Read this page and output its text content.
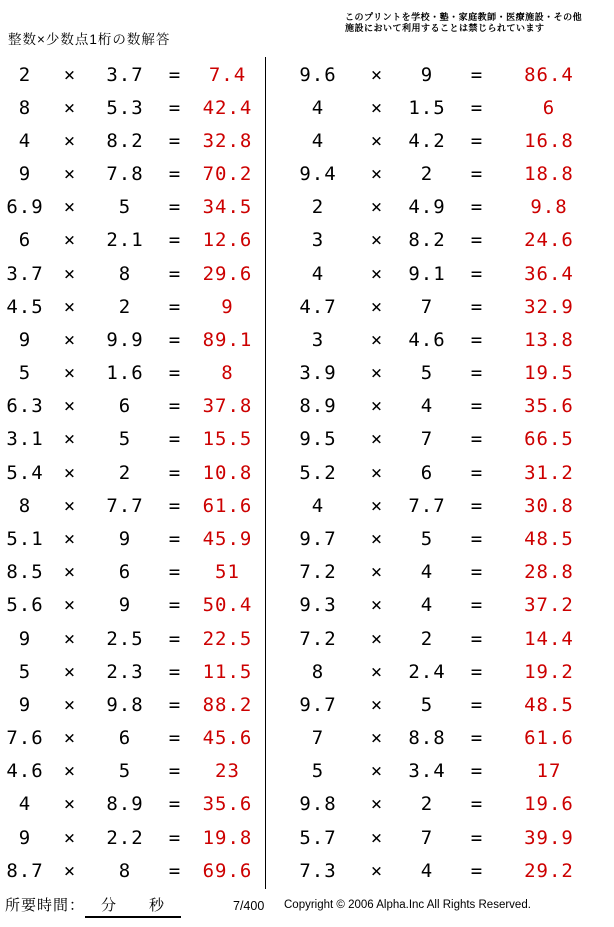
整数×少数点1桁の数解答
このプリントを学校・塾・家庭教師・医療施設・その他
施設において利用することは禁じられています
2	×	3.7	=	7.4
8	×	5.3	=	42.4
4	×	8.2	=	32.8
9	×	7.8	=	70.2
6.9	×	5	=	34.5
6	×	2.1	=	12.6
3.7	×	8	=	29.6
4.5	×	2	=	9
9	×	9.9	=	89.1
5	×	1.6	=	8
6.3	×	6	=	37.8
3.1	×	5	=	15.5
5.4	×	2	=	10.8
8	×	7.7	=	61.6
5.1	×	9	=	45.9
8.5	×	6	=	51
5.6	×	9	=	50.4
9	×	2.5	=	22.5
5	×	2.3	=	11.5
9	×	9.8	=	88.2
7.6	×	6	=	45.6
4.6	×	5	=	23
4	×	8.9	=	35.6
9	×	2.2	=	19.8
8.7	×	8	=	69.6
9.6	×	9	=	86.4
4	×	1.5	=	6
4	×	4.2	=	16.8
9.4	×	2	=	18.8
2	×	4.9	=	9.8
3	×	8.2	=	24.6
4	×	9.1	=	36.4
4.7	×	7	=	32.9
3	×	4.6	=	13.8
3.9	×	5	=	19.5
8.9	×	4	=	35.6
9.5	×	7	=	66.5
5.2	×	6	=	31.2
4	×	7.7	=	30.8
9.7	×	5	=	48.5
7.2	×	4	=	28.8
9.3	×	4	=	37.2
7.2	×	2	=	14.4
8	×	2.4	=	19.2
9.7	×	5	=	48.5
7	×	8.8	=	61.6
5	×	3.4	=	17
9.8	×	2	=	19.6
5.7	×	7	=	39.9
7.3	×	4	=	29.2
所要時間： 分 秒	7/400 Copyright © 2006 Alpha.Inc All Rights Reserved.
